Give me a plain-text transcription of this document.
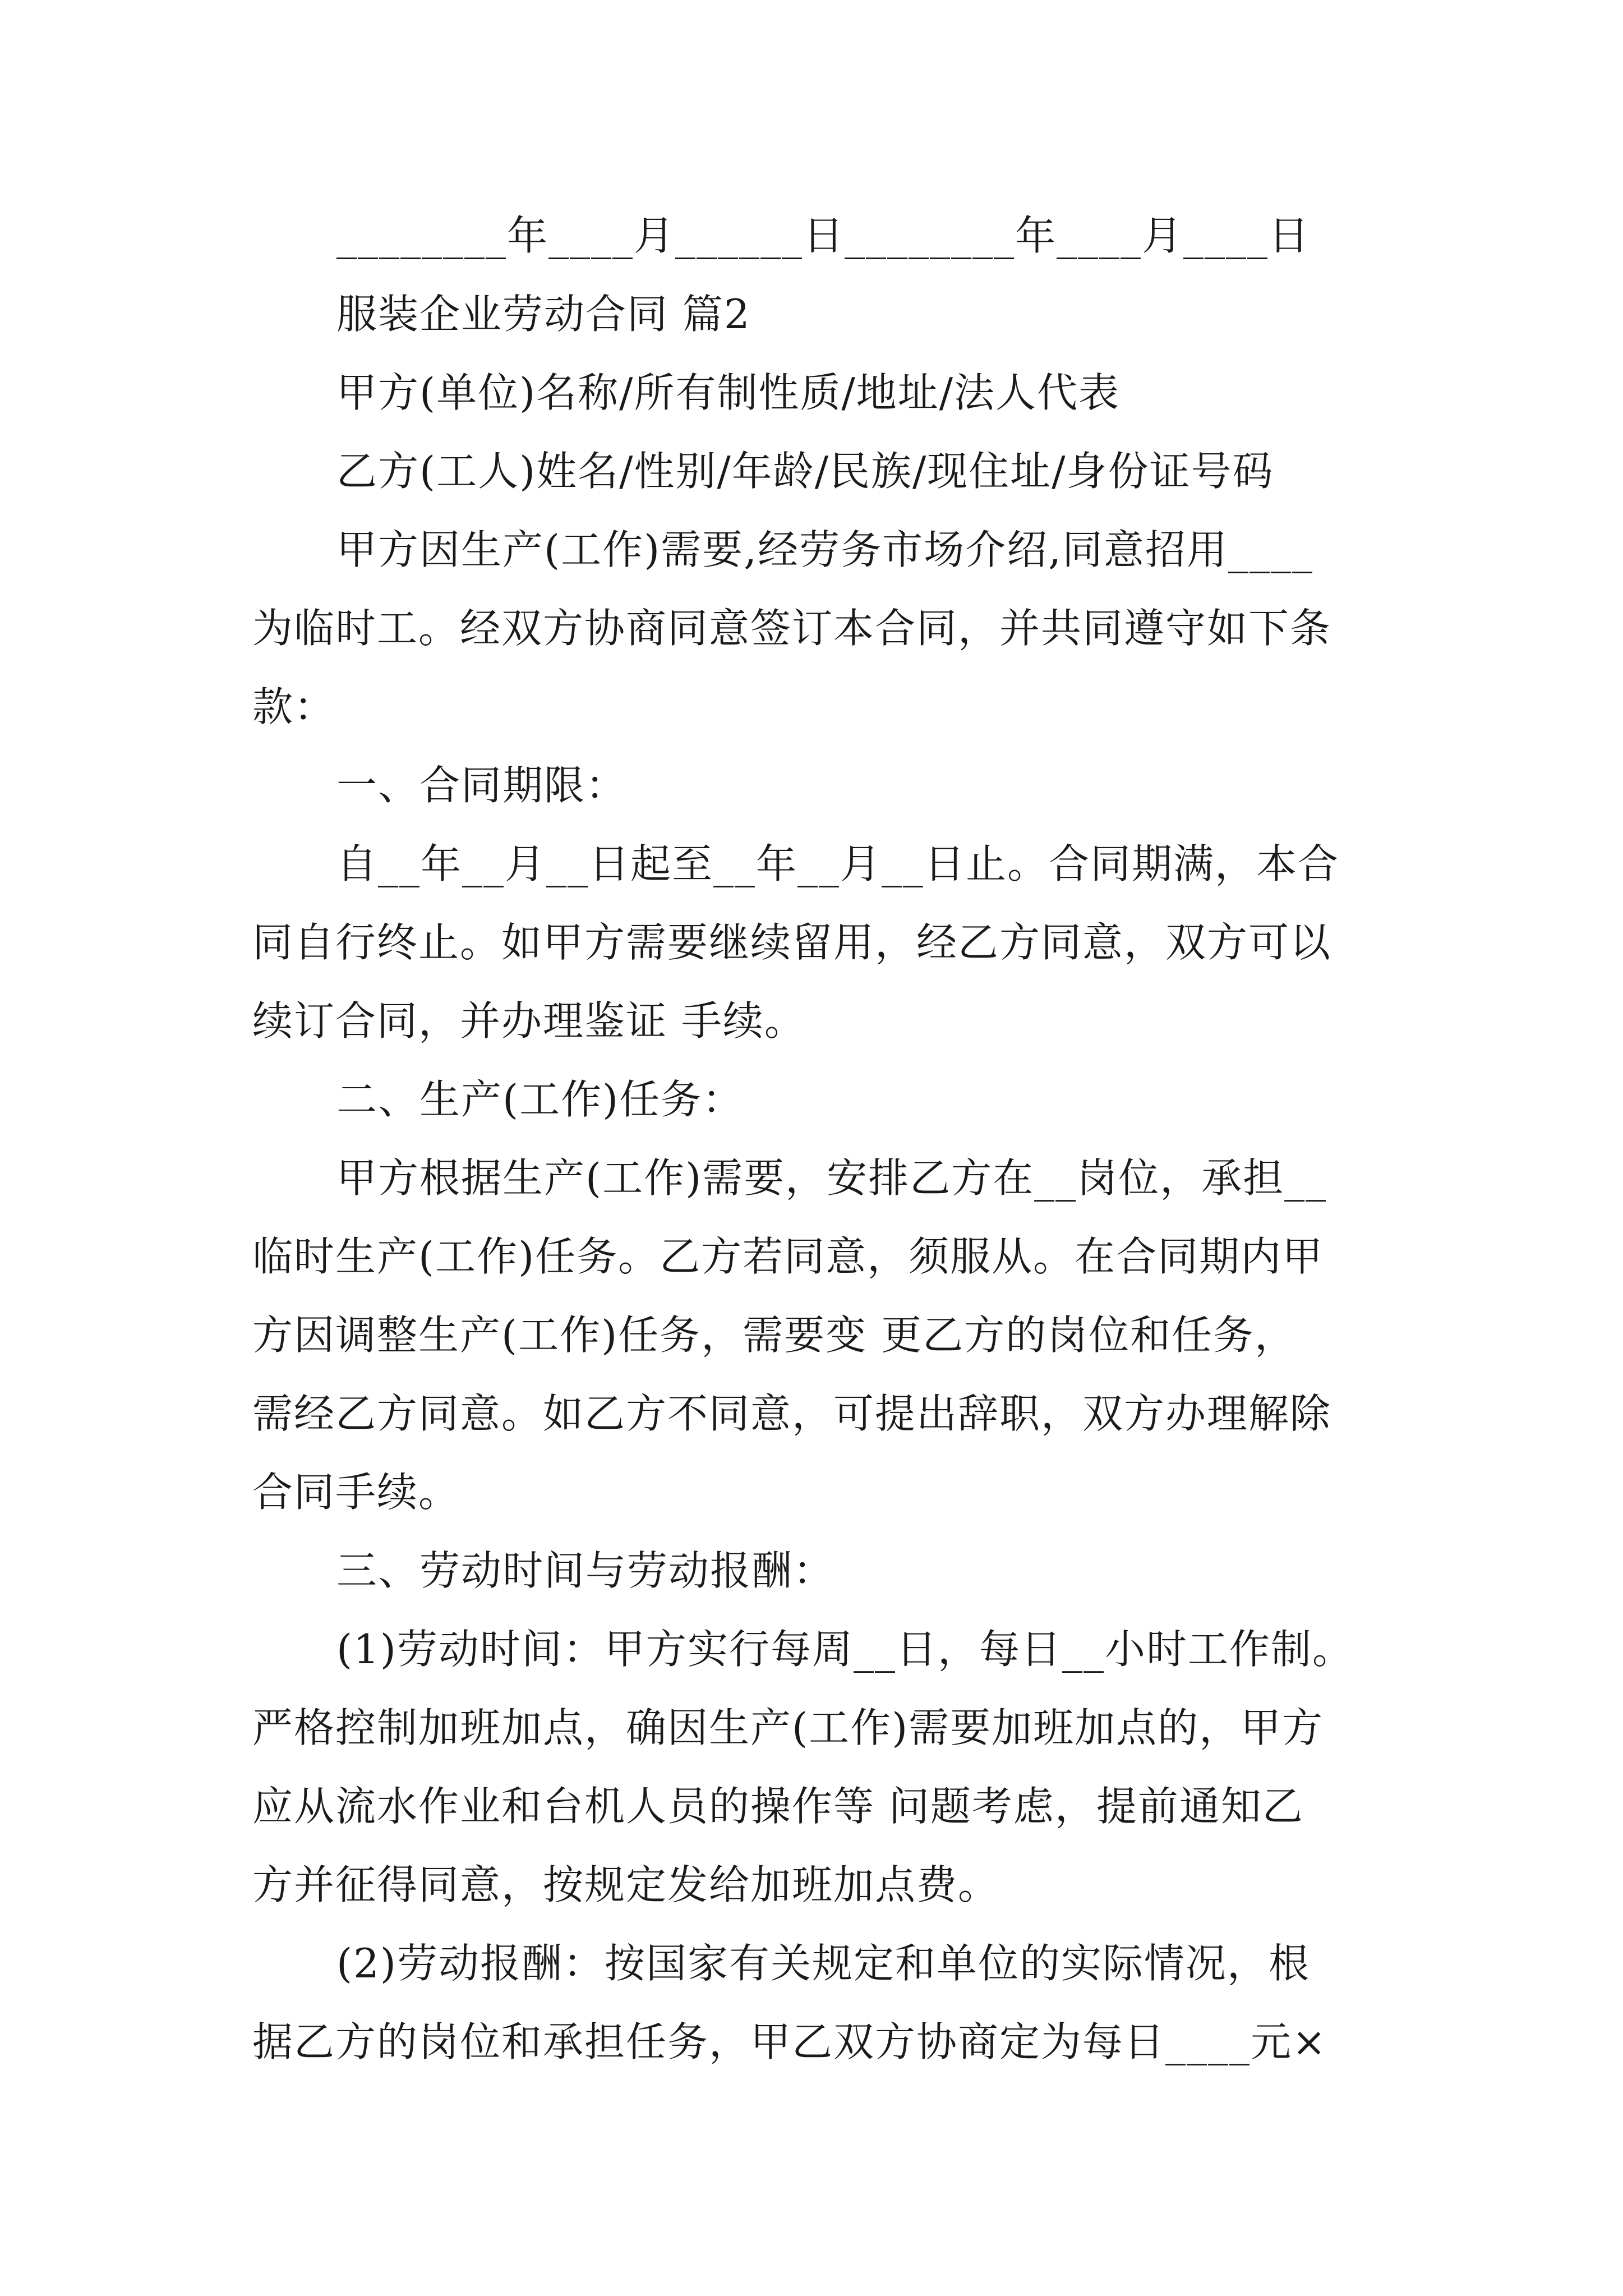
________年____月______日________年____月____日
服装企业劳动合同 篇2
甲方(单位)名称/所有制性质/地址/法人代表
乙方(工人)姓名/性别/年龄/民族/现住址/身份证号码
甲方因生产(工作)需要,经劳务市场介绍,同意招用____
为临时工。经双方协商同意签订本合同，并共同遵守如下条
款：
一、合同期限：
自__年__月__日起至__年__月__日止。合同期满，本合
同自行终止。如甲方需要继续留用，经乙方同意，双方可以
续订合同，并办理鉴证 手续。
二、生产(工作)任务：
甲方根据生产(工作)需要，安排乙方在__岗位，承担__
临时生产(工作)任务。乙方若同意，须服从。在合同期内甲
方因调整生产(工作)任务，需要变 更乙方的岗位和任务，
需经乙方同意。如乙方不同意，可提出辞职，双方办理解除
合同手续。
三、劳动时间与劳动报酬：
(1)劳动时间：甲方实行每周__日，每日__小时工作制。
严格控制加班加点，确因生产(工作)需要加班加点的，甲方
应从流水作业和台机人员的操作等 问题考虑，提前通知乙
方并征得同意，按规定发给加班加点费。
(2)劳动报酬：按国家有关规定和单位的实际情况，根
据乙方的岗位和承担任务，甲乙双方协商定为每日____元×
